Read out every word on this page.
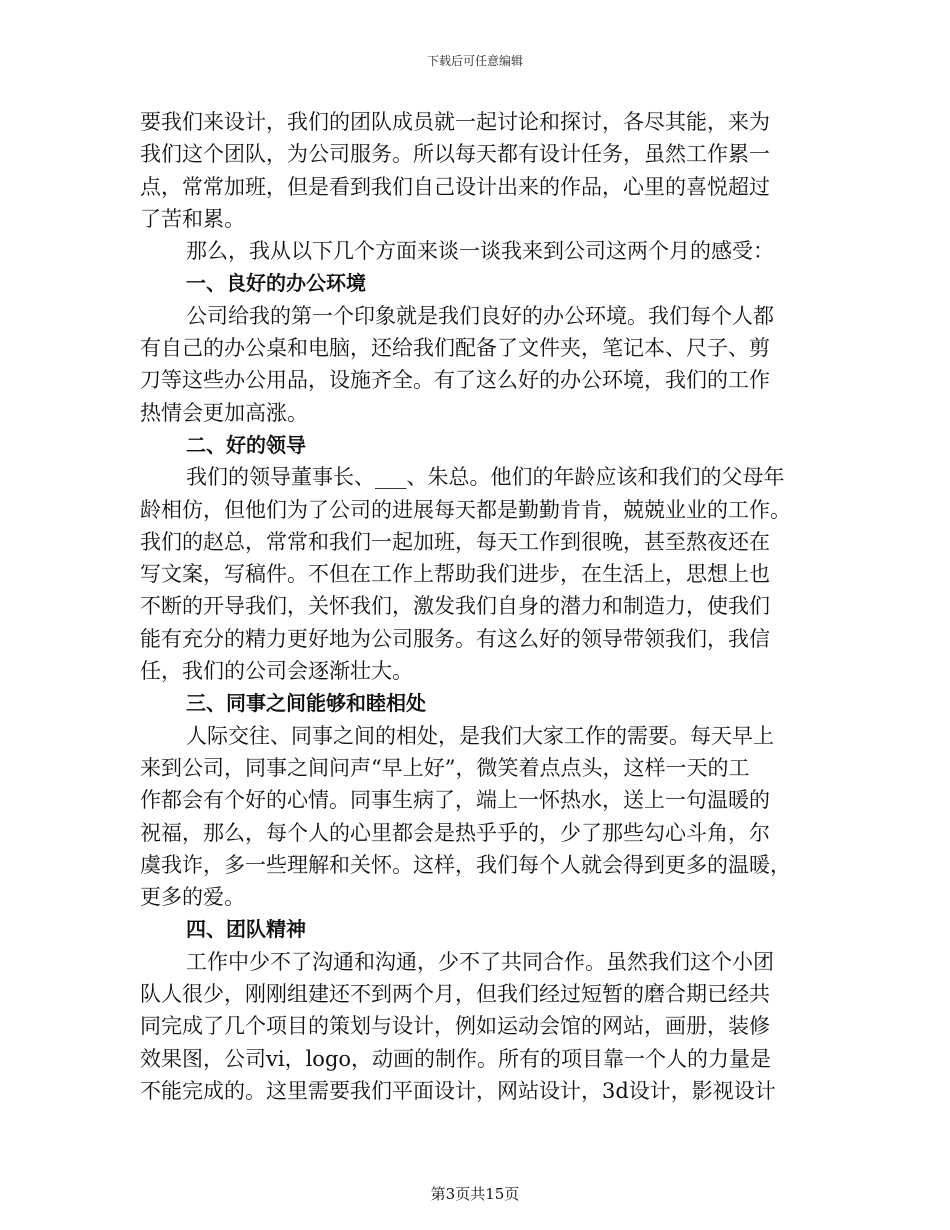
下载后可任意编辑
要我们来设计，我们的团队成员就一起讨论和探讨，各尽其能，来为
我们这个团队，为公司服务。所以每天都有设计任务，虽然工作累一
点，常常加班，但是看到我们自己设计出来的作品，心里的喜悦超过
了苦和累。
那么，我从以下几个方面来谈一谈我来到公司这两个月的感受：
一、良好的办公环境
公司给我的第一个印象就是我们良好的办公环境。我们每个人都
有自己的办公桌和电脑，还给我们配备了文件夹，笔记本、尺子、剪
刀等这些办公用品，设施齐全。有了这么好的办公环境，我们的工作
热情会更加高涨。
二、好的领导
我们的领导董事长、___、朱总。他们的年龄应该和我们的父母年
龄相仿，但他们为了公司的进展每天都是勤勤肯肯，兢兢业业的工作。
我们的赵总，常常和我们一起加班，每天工作到很晚，甚至熬夜还在
写文案，写稿件。不但在工作上帮助我们进步，在生活上，思想上也
不断的开导我们，关怀我们，激发我们自身的潜力和制造力，使我们
能有充分的精力更好地为公司服务。有这么好的领导带领我们，我信
任，我们的公司会逐渐壮大。
三、同事之间能够和睦相处
人际交往、同事之间的相处，是我们大家工作的需要。每天早上
来到公司，同事之间问声“早上好”，微笑着点点头，这样一天的工
作都会有个好的心情。同事生病了，端上一怀热水，送上一句温暖的
祝福，那么，每个人的心里都会是热乎乎的，少了那些勾心斗角，尔
虞我诈，多一些理解和关怀。这样，我们每个人就会得到更多的温暖，
更多的爱。
四、团队精神
工作中少不了沟通和沟通，少不了共同合作。虽然我们这个小团
队人很少，刚刚组建还不到两个月，但我们经过短暂的磨合期已经共
同完成了几个项目的策划与设计，例如运动会馆的网站，画册，装修
效果图，公司vi，logo，动画的制作。所有的项目靠一个人的力量是
不能完成的。这里需要我们平面设计，网站设计，3d设计，影视设计
第3页共15页
